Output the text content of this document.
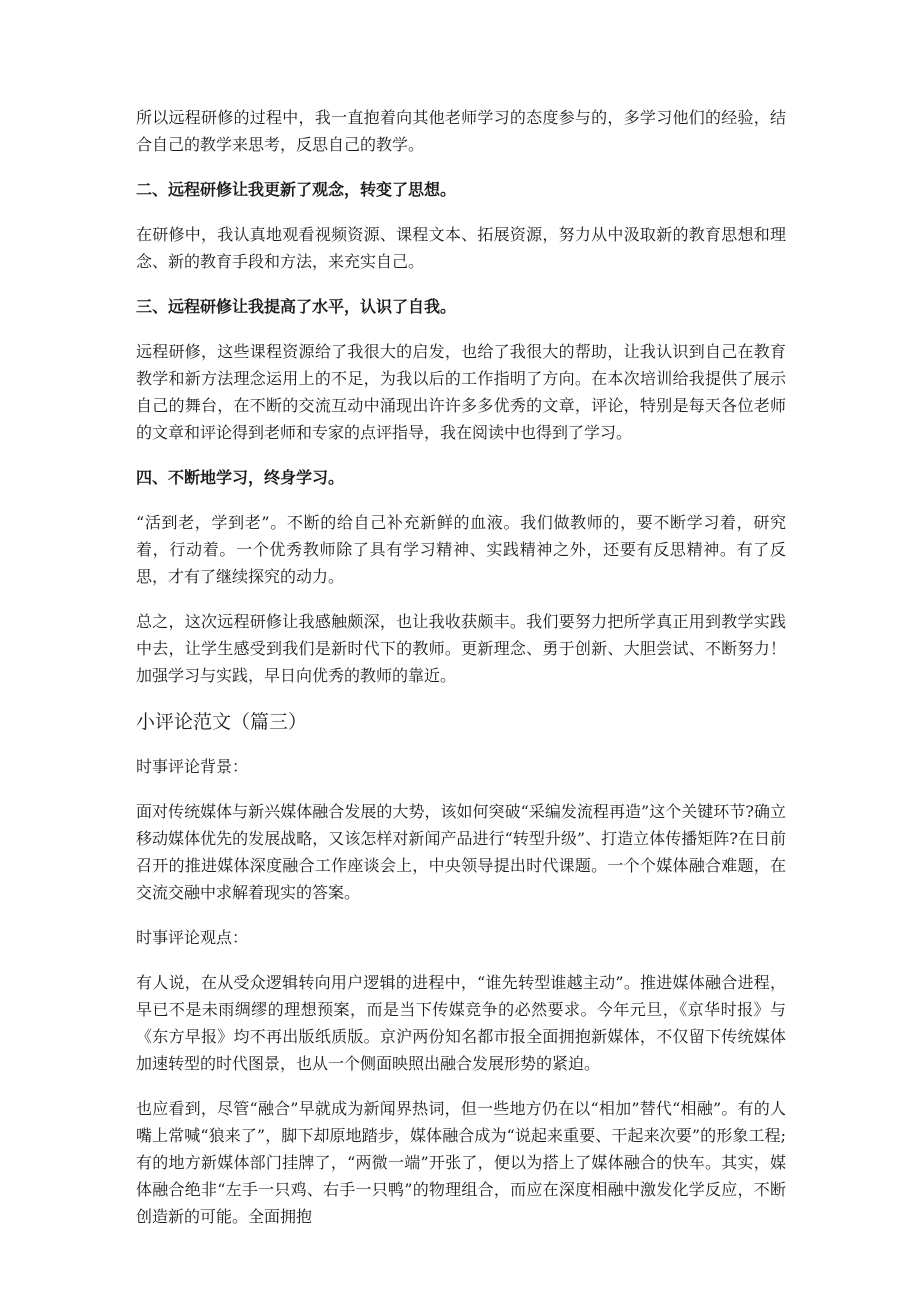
所以远程研修的过程中，我一直抱着向其他老师学习的态度参与的，多学习他们的经验，结合自己的教学来思考，反思自己的教学。

二、远程研修让我更新了观念，转变了思想。

在研修中，我认真地观看视频资源、课程文本、拓展资源，努力从中汲取新的教育思想和理念、新的教育手段和方法，来充实自己。

三、远程研修让我提高了水平，认识了自我。

远程研修，这些课程资源给了我很大的启发，也给了我很大的帮助，让我认识到自己在教育教学和新方法理念运用上的不足，为我以后的工作指明了方向。在本次培训给我提供了展示自己的舞台，在不断的交流互动中涌现出许许多多优秀的文章，评论，特别是每天各位老师的文章和评论得到老师和专家的点评指导，我在阅读中也得到了学习。

四、不断地学习，终身学习。

“活到老，学到老”。不断的给自己补充新鲜的血液。我们做教师的，要不断学习着，研究着，行动着。一个优秀教师除了具有学习精神、实践精神之外，还要有反思精神。有了反思，才有了继续探究的动力。

总之，这次远程研修让我感触颇深，也让我收获颇丰。我们要努力把所学真正用到教学实践中去，让学生感受到我们是新时代下的教师。更新理念、勇于创新、大胆尝试、不断努力！加强学习与实践，早日向优秀的教师的靠近。

小评论范文（篇三）

时事评论背景：

面对传统媒体与新兴媒体融合发展的大势，该如何突破“采编发流程再造”这个关键环节?确立移动媒体优先的发展战略，又该怎样对新闻产品进行“转型升级”、打造立体传播矩阵?在日前召开的推进媒体深度融合工作座谈会上，中央领导提出时代课题。一个个媒体融合难题，在交流交融中求解着现实的答案。

时事评论观点：

有人说，在从受众逻辑转向用户逻辑的进程中，“谁先转型谁越主动”。推进媒体融合进程，早已不是未雨绸缪的理想预案，而是当下传媒竞争的必然要求。今年元旦，《京华时报》与《东方早报》均不再出版纸质版。京沪两份知名都市报全面拥抱新媒体，不仅留下传统媒体加速转型的时代图景，也从一个侧面映照出融合发展形势的紧迫。

也应看到，尽管“融合”早就成为新闻界热词，但一些地方仍在以“相加”替代“相融”。有的人嘴上常喊“狼来了”，脚下却原地踏步，媒体融合成为“说起来重要、干起来次要”的形象工程;有的地方新媒体部门挂牌了，“两微一端”开张了，便以为搭上了媒体融合的快车。其实，媒体融合绝非“左手一只鸡、右手一只鸭”的物理组合，而应在深度相融中激发化学反应，不断创造新的可能。全面拥抱
